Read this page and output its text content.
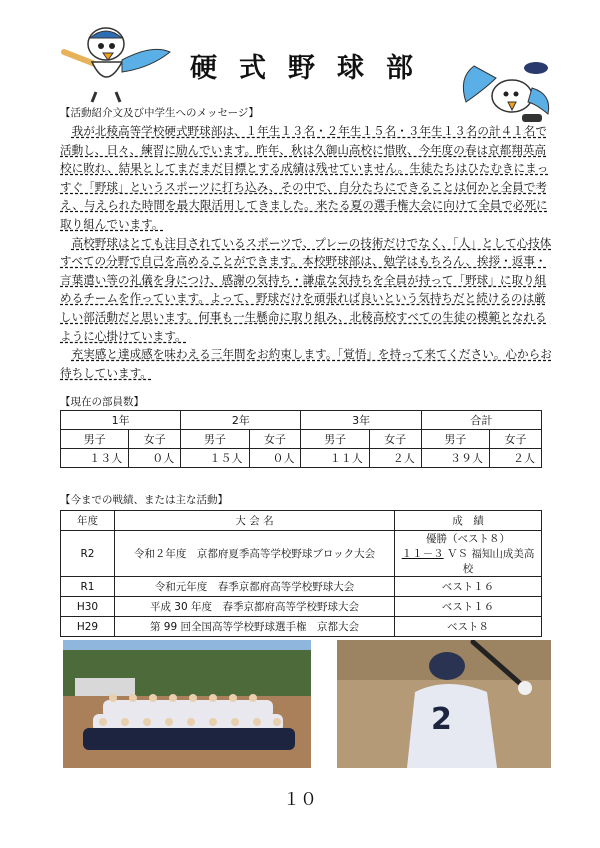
硬式野球部
【活動紹介文及び中学生へのメッセージ】

我が北稜高等学校硬式野球部は、１年生１３名・２年生１５名・３年生１３名の計４１名で活動し、日々、練習に励んでいます。昨年、秋は久御山高校に惜敗、今年度の春は京都翔英高校に敗れ、結果としてまだまだ目標とする成績は残せていません。生徒たちはひたむきにまっすぐ「野球」というスポーツに打ち込み、その中で、自分たちにできることは何かと全員で考え、与えられた時間を最大限活用してきました。来たる夏の選手権大会に向けて全員で必死に取り組んでいます。

高校野球はとても注目されているスポーツで、プレーの技術だけでなく、「人」として心技体すべての分野で自己を高めることができます。本校野球部は、勉学はもちろん、挨拶・返事・言葉遣い等の礼儀を身につけ、感謝の気持ち・謙虚な気持ちを全員が持って「野球」に取り組めるチームを作っています。よって、野球だけを頑張れば良いという気持ちだと続けるのは厳しい部活動だと思います。何事も一生懸命に取り組み、北稜高校すべての生徒の模範となれるように心掛けています。

充実感と達成感を味わえる三年間をお約束します。「覚悟」を持って来てください。心からお待ちしています。

【現在の部員数】
1年		2年		3年		合計	
男子	女子	男子	女子	男子	女子	男子	女子
１３人	０人	１５人	０人	１１人	２人	３９人	２人
【今までの戦績、または主な活動】
年度	大 会 名	成　績
R2	令和２年度　京都府夏季高等学校野球ブロック大会	優勝（ベスト８）
１１－３ ＶＳ 福知山成美高校

R1	令和元年度　春季京都府高等学校野球大会	ベスト１６
H30	平成 30 年度　春季京都府高等学校野球大会	ベスト１６
H29	第 99 回全国高等学校野球選手権　京都大会	ベスト８
2
１０
